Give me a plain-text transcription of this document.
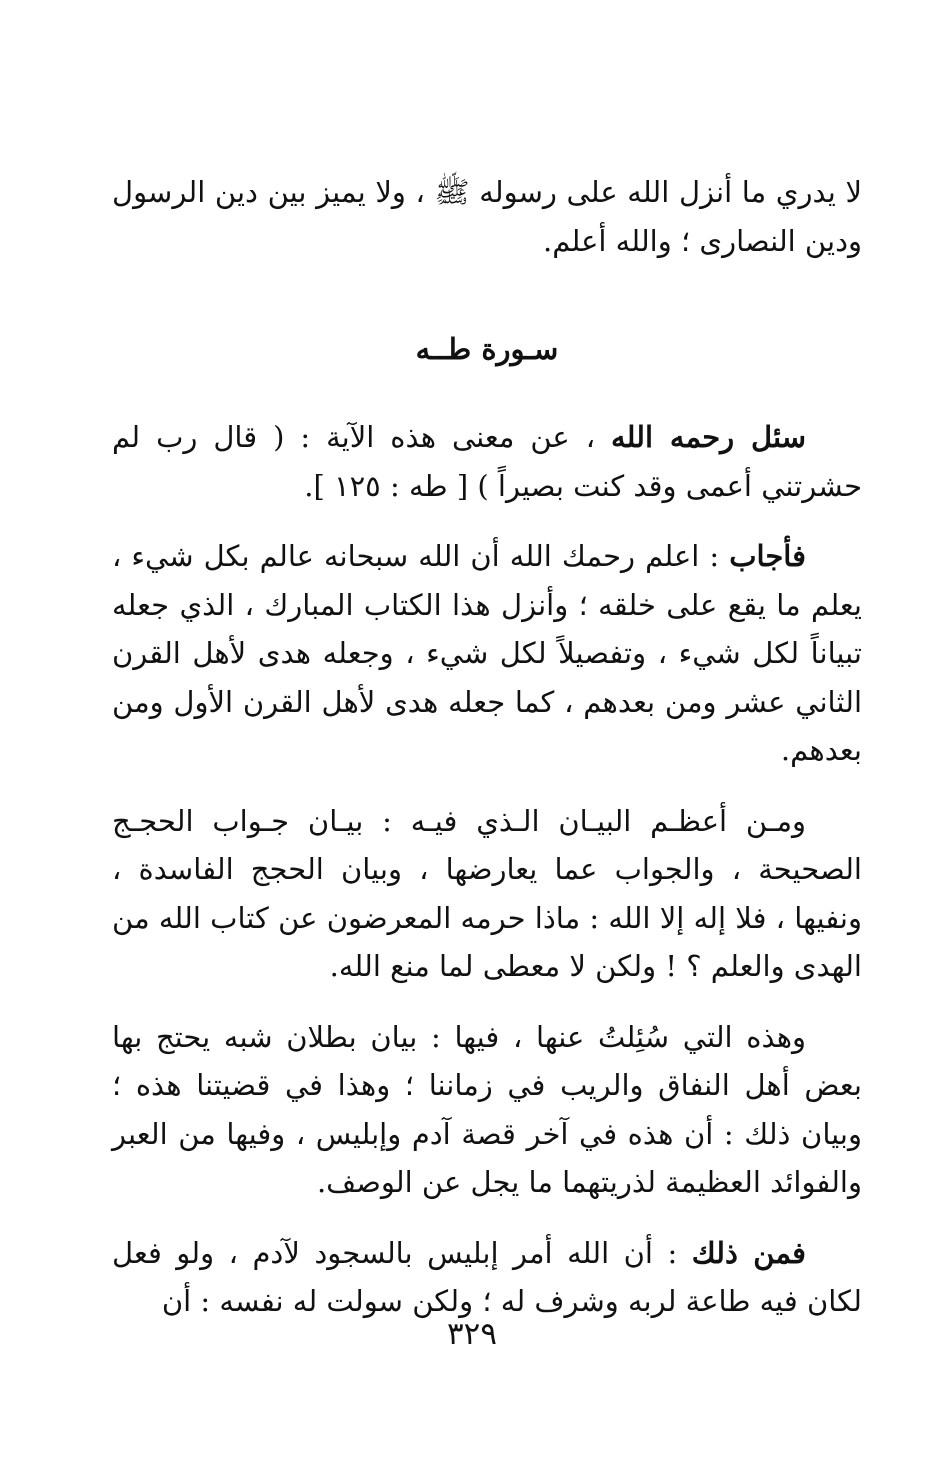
لا يدري ما أنزل الله على رسوله ﷺ ، ولا يميز بين دين الرسول ودين النصارى ؛ والله أعلم.

سـورة طــه

سئل رحمه الله ، عن معنى هذه الآية : ( قال رب لم حشرتني أعمى وقد كنت بصيراً ) [ طه : ١٢٥ ].

فأجاب : اعلم رحمك الله أن الله سبحانه عالم بكل شيء ، يعلم ما يقع على خلقه ؛ وأنزل هذا الكتاب المبارك ، الذي جعله تبياناً لكل شيء ، وتفصيلاً لكل شيء ، وجعله هدى لأهل القرن الثاني عشر ومن بعدهم ، كما جعله هدى لأهل القرن الأول ومن بعدهم.

ومـن أعظـم البيـان الـذي فيـه : بيـان جـواب الحجـج الصحيحة ، والجواب عما يعارضها ، وبيان الحجج الفاسدة ، ونفيها ، فلا إله إلا الله : ماذا حرمه المعرضون عن كتاب الله من الهدى والعلم ؟ ! ولكن لا معطى لما منع الله.

وهذه التي سُئِلتُ عنها ، فيها : بيان بطلان شبه يحتج بها بعض أهل النفاق والريب في زماننا ؛ وهذا في قضيتنا هذه ؛ وبيان ذلك : أن هذه في آخر قصة آدم وإبليس ، وفيها من العبر والفوائد العظيمة لذريتهما ما يجل عن الوصف.

فمن ذلك : أن الله أمر إبليس بالسجود لآدم ، ولو فعل لكان فيه طاعة لربه وشرف له ؛ ولكن سولت له نفسه : أن

٣٢٩
